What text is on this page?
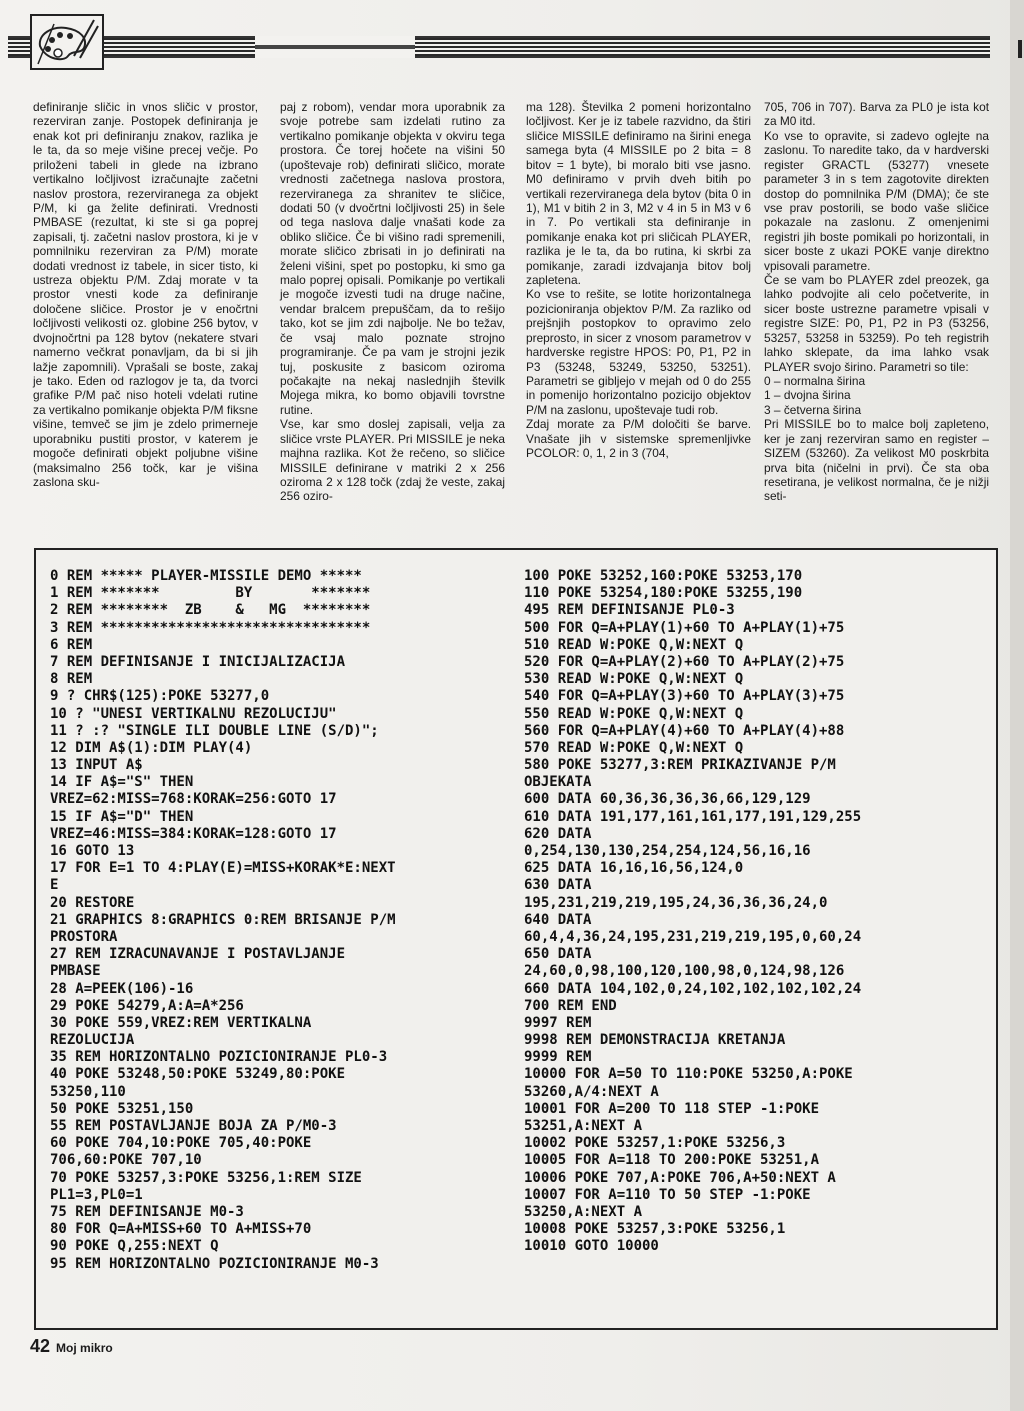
definiranje sličic in vnos sličic v prostor, rezerviran zanje. Postopek definiranja je enak kot pri definiranju znakov, razlika je le ta, da so meje višine precej večje. Po priloženi tabeli in glede na izbrano vertikalno ločljivost izračunajte začetni naslov prostora, rezerviranega za objekt P/M, ki ga želite definirati. Vrednosti PMBASE (rezultat, ki ste si ga poprej zapisali, tj. začetni naslov prostora, ki je v pomnilniku rezerviran za P/M) morate dodati vrednost iz tabele, in sicer tisto, ki ustreza objektu P/M. Zdaj morate v ta prostor vnesti kode za definiranje določene sličice. Prostor je v enočrtni ločljivosti velikosti oz. globine 256 bytov, v dvojnočrtni pa 128 bytov (nekatere stvari namerno večkrat ponavljam, da bi si jih lažje zapomnili). Vprašali se boste, zakaj je tako. Eden od razlogov je ta, da tvorci grafike P/M pač niso hoteli vdelati rutine za vertikalno pomikanje objekta P/M fiksne višine, temveč se jim je zdelo primerneje uporabniku pustiti prostor, v katerem je mogoče definirati objekt poljubne višine (maksimalno 256 točk, kar je višina zaslona sku-
paj z robom), vendar mora uporabnik za svoje potrebe sam izdelati rutino za vertikalno pomikanje objekta v okviru tega prostora. Če torej hočete na višini 50 (upoštevaje rob) definirati sličico, morate vrednosti začetnega naslova prostora, rezerviranega za shranitev te sličice, dodati 50 (v dvočrtni ločljivosti 25) in šele od tega naslova dalje vnašati kode za obliko sličice. Če bi višino radi spremenili, morate sličico zbrisati in jo definirati na želeni višini, spet po postopku, ki smo ga malo poprej opisali. Pomikanje po vertikali je mogoče izvesti tudi na druge načine, vendar bralcem prepuščam, da to rešijo tako, kot se jim zdi najbolje. Ne bo težav, če vsaj malo poznate strojno programiranje. Če pa vam je strojni jezik tuj, poskusite z basicom oziroma počakajte na nekaj naslednjih številk Mojega mikra, ko bomo objavili tovrstne rutine.
Vse, kar smo doslej zapisali, velja za sličice vrste PLAYER. Pri MISSILE je neka majhna razlika. Kot že rečeno, so sličice MISSILE definirane v matriki 2 x 256 oziroma 2 x 128 točk (zdaj že veste, zakaj 256 oziro-
ma 128). Številka 2 pomeni horizontalno ločljivost. Ker je iz tabele razvidno, da štiri sličice MISSILE definiramo na širini enega samega byta (4 MISSILE po 2 bita = 8 bitov = 1 byte), bi moralo biti vse jasno. M0 definiramo v prvih dveh bitih po vertikali rezerviranega dela bytov (bita 0 in 1), M1 v bitih 2 in 3, M2 v 4 in 5 in M3 v 6 in 7. Po vertikali sta definiranje in pomikanje enaka kot pri sličicah PLAYER, razlika je le ta, da bo rutina, ki skrbi za pomikanje, zaradi izdvajanja bitov bolj zapletena.
Ko vse to rešite, se lotite horizontalnega pozicioniranja objektov P/M. Za razliko od prejšnjih postopkov to opravimo zelo preprosto, in sicer z vnosom parametrov v hardverske registre HPOS: P0, P1, P2 in P3 (53248, 53249, 53250, 53251). Parametri se gibljejo v mejah od 0 do 255 in pomenijo horizontalno pozicijo objektov P/M na zaslonu, upoštevaje tudi rob.
Zdaj morate za P/M določiti še barve. Vnašate jih v sistemske spremenljivke PCOLOR: 0, 1, 2 in 3 (704,
705, 706 in 707). Barva za PL0 je ista kot za M0 itd.
Ko vse to opravite, si zadevo oglejte na zaslonu. To naredite tako, da v hardverski register GRACTL (53277) vnesete parameter 3 in s tem zagotovite direkten dostop do pomnilnika P/M (DMA); če ste vse prav postorili, se bodo vaše sličice pokazale na zaslonu. Z omenjenimi registri jih boste pomikali po horizontali, in sicer boste z ukazi POKE vanje direktno vpisovali parametre.
Če se vam bo PLAYER zdel preozek, ga lahko podvojite ali celo početverite, in sicer boste ustrezne parametre vpisali v registre SIZE: P0, P1, P2 in P3 (53256, 53257, 53258 in 53259). Po teh registrih lahko sklepate, da ima lahko vsak PLAYER svojo širino. Parametri so tile:
0 – normalna širina
1 – dvojna širina
3 – četverna širina
Pri MISSILE bo to malce bolj zapleteno, ker je zanj rezerviran samo en register – SIZEM (53260). Za velikost M0 poskrbita prva bita (ničelni in prvi). Če sta oba resetirana, je velikost normalna, če je nižji seti-
0 REM ***** PLAYER-MISSILE DEMO *****
1 REM *******         BY       *******
2 REM ********  ZB    &   MG  ********
3 REM ********************************
6 REM
7 REM DEFINISANJE I INICIJALIZACIJA
8 REM
9 ? CHR$(125):POKE 53277,0
10 ? "UNESI VERTIKALNU REZOLUCIJU"
11 ? :? "SINGLE ILI DOUBLE LINE (S/D)";
12 DIM A$(1):DIM PLAY(4)
13 INPUT A$
14 IF A$="S" THEN
VREZ=62:MISS=768:KORAK=256:GOTO 17
15 IF A$="D" THEN
VREZ=46:MISS=384:KORAK=128:GOTO 17
16 GOTO 13
17 FOR E=1 TO 4:PLAY(E)=MISS+KORAK*E:NEXT
E
20 RESTORE
21 GRAPHICS 8:GRAPHICS 0:REM BRISANJE P/M
PROSTORA
27 REM IZRACUNAVANJE I POSTAVLJANJE
PMBASE
28 A=PEEK(106)-16
29 POKE 54279,A:A=A*256
30 POKE 559,VREZ:REM VERTIKALNA
REZOLUCIJA
35 REM HORIZONTALNO POZICIONIRANJE PL0-3
40 POKE 53248,50:POKE 53249,80:POKE
53250,110
50 POKE 53251,150
55 REM POSTAVLJANJE BOJA ZA P/M0-3
60 POKE 704,10:POKE 705,40:POKE
706,60:POKE 707,10
70 POKE 53257,3:POKE 53256,1:REM SIZE
PL1=3,PL0=1
75 REM DEFINISANJE M0-3
80 FOR Q=A+MISS+60 TO A+MISS+70
90 POKE Q,255:NEXT Q
95 REM HORIZONTALNO POZICIONIRANJE M0-3
100 POKE 53252,160:POKE 53253,170
110 POKE 53254,180:POKE 53255,190
495 REM DEFINISANJE PL0-3
500 FOR Q=A+PLAY(1)+60 TO A+PLAY(1)+75
510 READ W:POKE Q,W:NEXT Q
520 FOR Q=A+PLAY(2)+60 TO A+PLAY(2)+75
530 READ W:POKE Q,W:NEXT Q
540 FOR Q=A+PLAY(3)+60 TO A+PLAY(3)+75
550 READ W:POKE Q,W:NEXT Q
560 FOR Q=A+PLAY(4)+60 TO A+PLAY(4)+88
570 READ W:POKE Q,W:NEXT Q
580 POKE 53277,3:REM PRIKAZIVANJE P/M
OBJEKATA
600 DATA 60,36,36,36,36,66,129,129
610 DATA 191,177,161,161,177,191,129,255
620 DATA
0,254,130,130,254,254,124,56,16,16
625 DATA 16,16,16,56,124,0
630 DATA
195,231,219,219,195,24,36,36,36,24,0
640 DATA
60,4,4,36,24,195,231,219,219,195,0,60,24
650 DATA
24,60,0,98,100,120,100,98,0,124,98,126
660 DATA 104,102,0,24,102,102,102,102,24
700 REM END
9997 REM
9998 REM DEMONSTRACIJA KRETANJA
9999 REM
10000 FOR A=50 TO 110:POKE 53250,A:POKE
53260,A/4:NEXT A
10001 FOR A=200 TO 118 STEP -1:POKE
53251,A:NEXT A
10002 POKE 53257,1:POKE 53256,3
10005 FOR A=118 TO 200:POKE 53251,A
10006 POKE 707,A:POKE 706,A+50:NEXT A
10007 FOR A=110 TO 50 STEP -1:POKE
53250,A:NEXT A
10008 POKE 53257,3:POKE 53256,1
10010 GOTO 10000
42 Moj mikro
